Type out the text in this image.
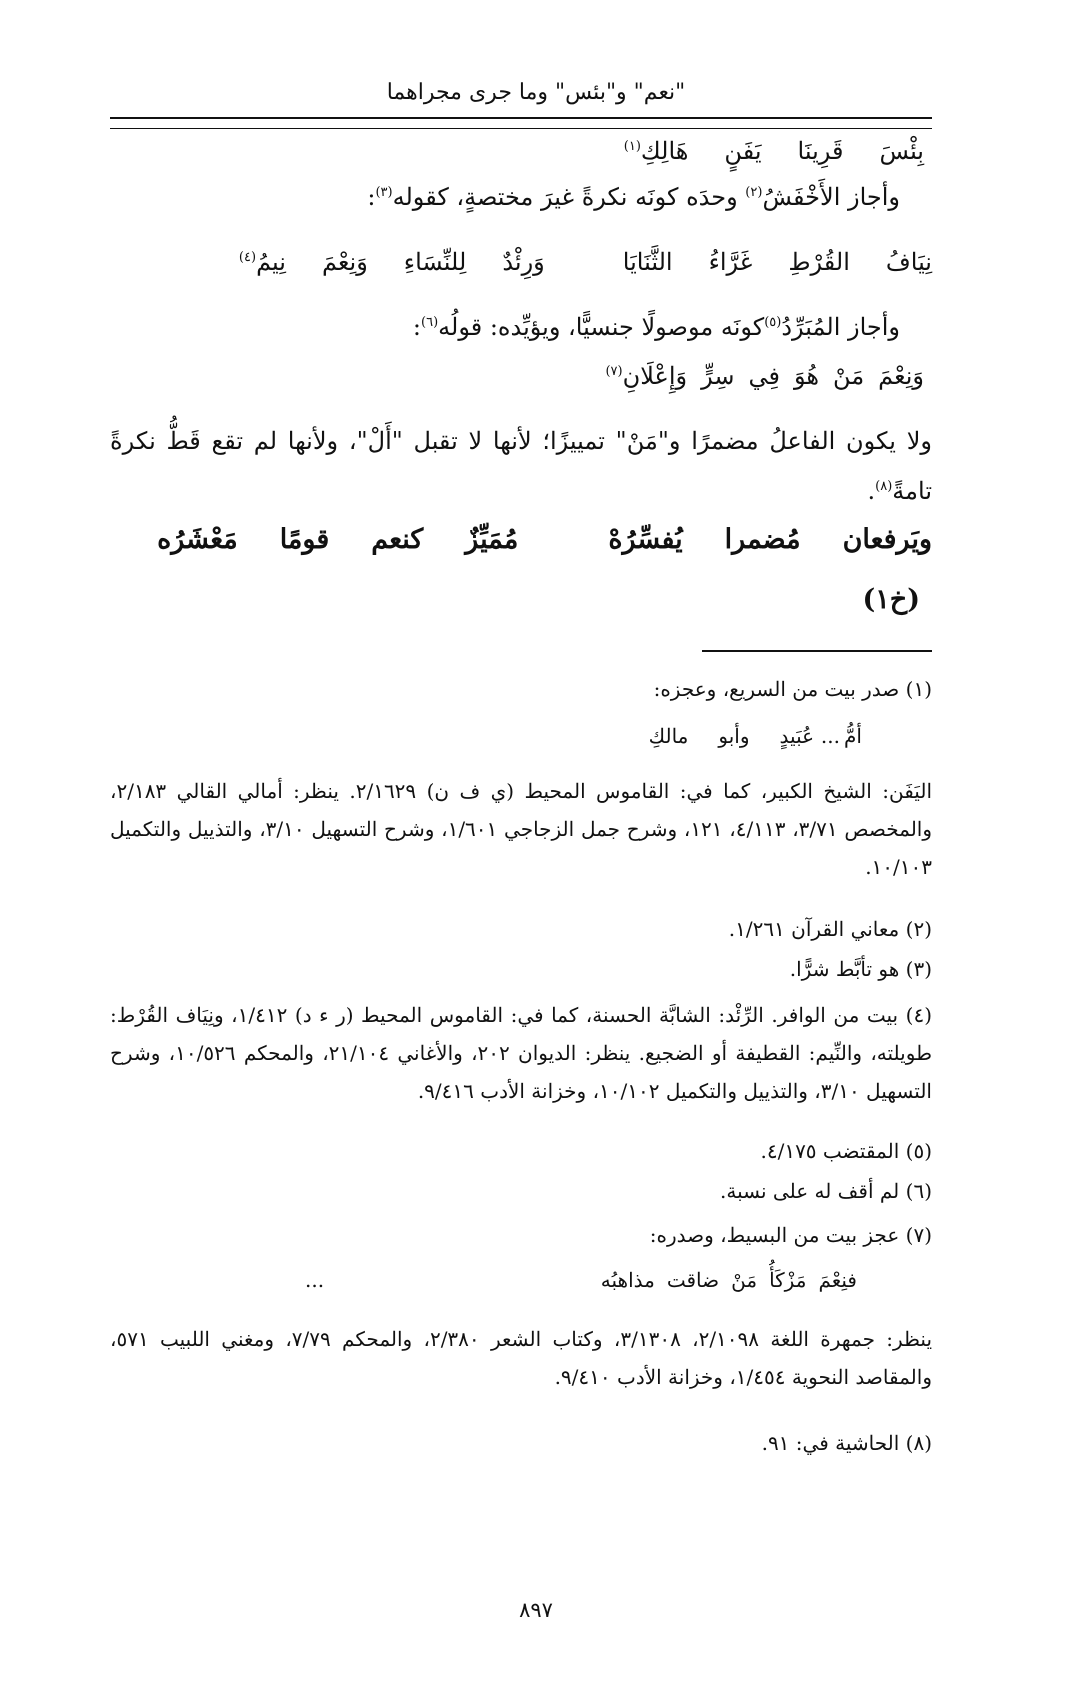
"نعم" و"بئس" وما جرى مجراهما
بِئْسَ
قَرِينَا
يَفَنٍ
هَالِكِ$^{(١)}$
وأجاز الأَخْفَشُ$^{(٢)}$ وحدَه كونَه نكرةً غيرَ مختصةٍ، كقوله$^{(٣)}$:
نِيَافُ
القُرْطِ
غَرَّاءُ
الثَّنَايَا
وَرِئْدٌ
لِلنِّسَاءِ
وَنِعْمَ
نِيمُ$^{(٤)}$
وأجاز المُبَرِّدُ$^{(٥)}$كونَه موصولًا جنسيًّا، ويؤيِّده: قولُه$^{(٦)}$:
وَنِعْمَ
مَنْ
هُوَ
فِي
سِرٍّ
وَإِعْلَانِ$^{(٧)}$
ولا يكون الفاعلُ مضمرًا و"مَنْ" تمييزًا؛ لأنها لا تقبل "أَلْ"، ولأنها لم تقع قَطُّ نكرةً تامةً$^{(٨)}$.
ويَرفعان
مُضمرا
يُفسِّرُهْ
مُمَيِّزٌ
كنعم
قومًا
مَعْشَرُه
(خ١)
(١) صدر بيت من السريع، وعجزه:
أمُّ
عُبَيدٍ
وأبو
مالكِ	...
اليَفَن: الشيخ الكبير، كما في: القاموس المحيط (ي ف ن) ٢/١٦٢٩. ينظر: أمالي القالي ٢/١٨٣، والمخصص ٣/٧١، ٤/١١٣، ١٢١، وشرح جمل الزجاجي ١/٦٠١، وشرح التسهيل ٣/١٠، والتذييل والتكميل ١٠/١٠٣.
(٢) معاني القرآن ١/٢٦١.
(٣) هو تأبَّط شرًّا.
(٤) بيت من الوافر. الرِّئْد: الشابَّة الحسنة، كما في: القاموس المحيط (ر ء د) ١/٤١٢، ونِيَاف القُرْط: طويلته، والنِّيم: القطيفة أو الضجيع. ينظر: الديوان ٢٠٢، والأغاني ٢١/١٠٤، والمحكم ١٠/٥٢٦، وشرح التسهيل ٣/١٠، والتذييل والتكميل ١٠/١٠٢، وخزانة الأدب ٩/٤١٦.
(٥) المقتضب ٤/١٧٥.
(٦) لم أقف له على نسبة.
(٧) عجز بيت من البسيط، وصدره:
فنِعْمَ
مَزْكَأُ
مَنْ
ضاقت
مذاهبُه
...
ينظر: جمهرة اللغة ٢/١٠٩٨، ٣/١٣٠٨، وكتاب الشعر ٢/٣٨٠، والمحكم ٧/٧٩، ومغني اللبيب ٥٧١، والمقاصد النحوية ١/٤٥٤، وخزانة الأدب ٩/٤١٠.
(٨) الحاشية في: ٩١.
٨٩٧
